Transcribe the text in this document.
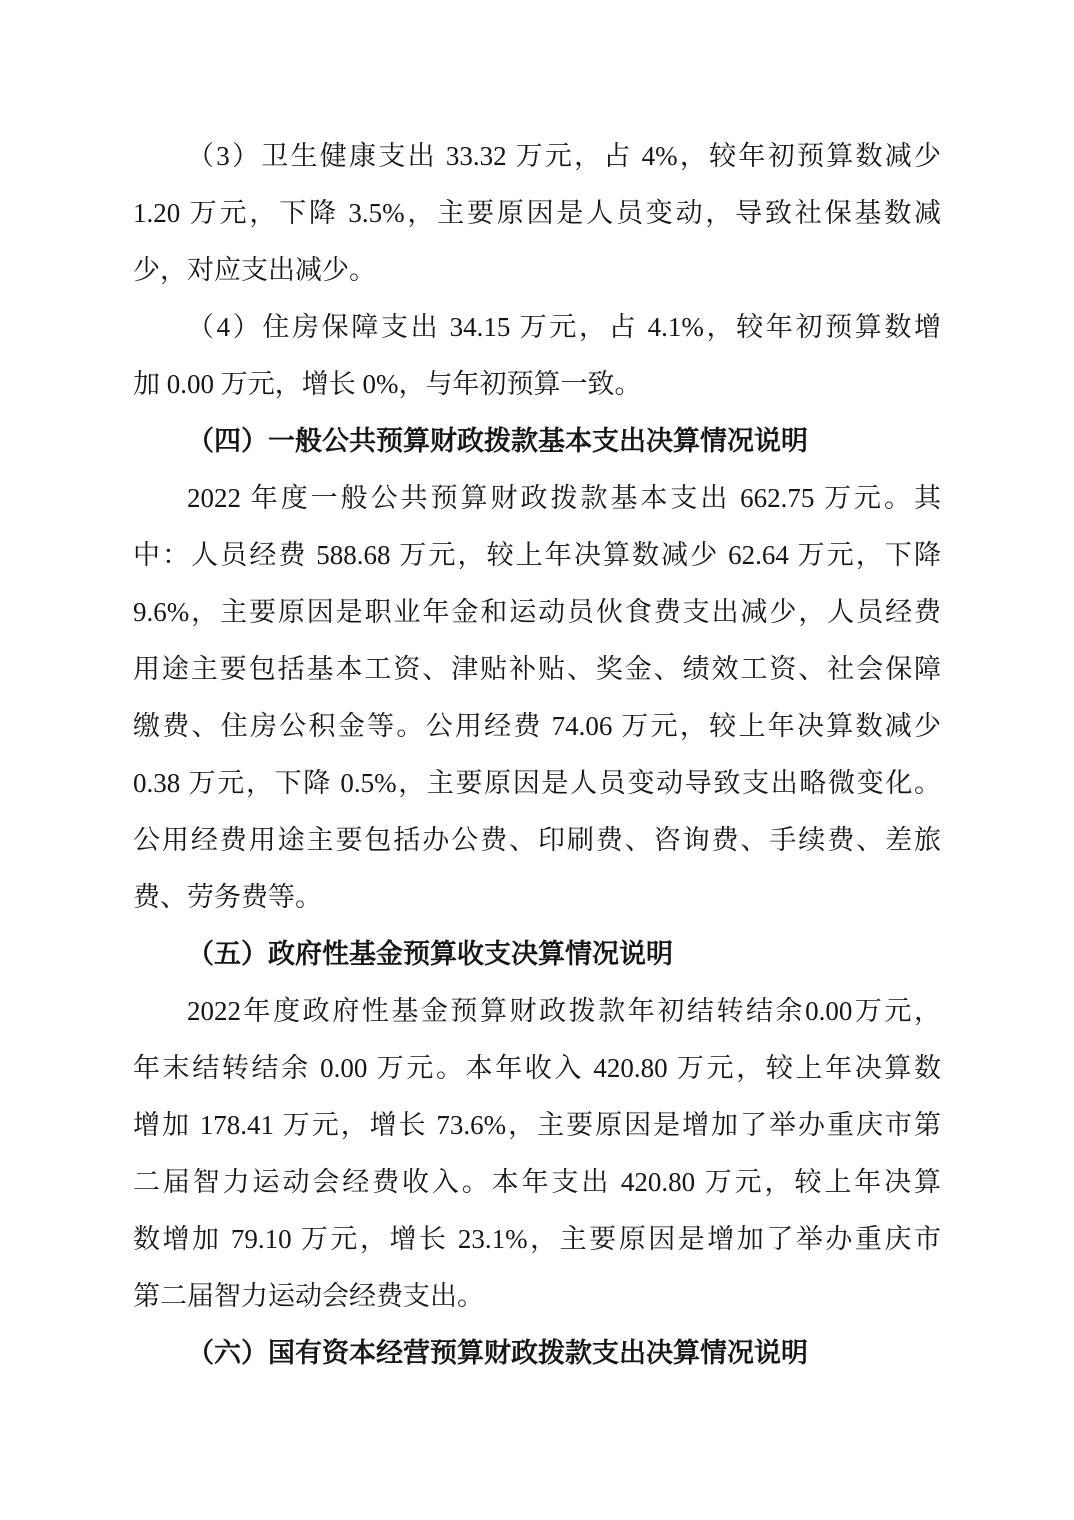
（3）卫生健康支出 33.32 万元，占 4%，较年初预算数减少
1.20 万元，下降 3.5%，主要原因是人员变动，导致社保基数减
少，对应支出减少。
（4）住房保障支出 34.15 万元，占 4.1%，较年初预算数增
加 0.00 万元，增长 0%，与年初预算一致。
（四）一般公共预算财政拨款基本支出决算情况说明
2022 年度一般公共预算财政拨款基本支出 662.75 万元。其
中：人员经费 588.68 万元，较上年决算数减少 62.64 万元，下降
9.6%，主要原因是职业年金和运动员伙食费支出减少，人员经费
用途主要包括基本工资、津贴补贴、奖金、绩效工资、社会保障
缴费、住房公积金等。公用经费 74.06 万元，较上年决算数减少
0.38 万元，下降 0.5%，主要原因是人员变动导致支出略微变化。
公用经费用途主要包括办公费、印刷费、咨询费、手续费、差旅
费、劳务费等。
（五）政府性基金预算收支决算情况说明
2022年度政府性基金预算财政拨款年初结转结余0.00万元，
年末结转结余 0.00 万元。本年收入 420.80 万元，较上年决算数
增加 178.41 万元，增长 73.6%，主要原因是增加了举办重庆市第
二届智力运动会经费收入。本年支出 420.80 万元，较上年决算
数增加 79.10 万元，增长 23.1%，主要原因是增加了举办重庆市
第二届智力运动会经费支出。
（六）国有资本经营预算财政拨款支出决算情况说明
